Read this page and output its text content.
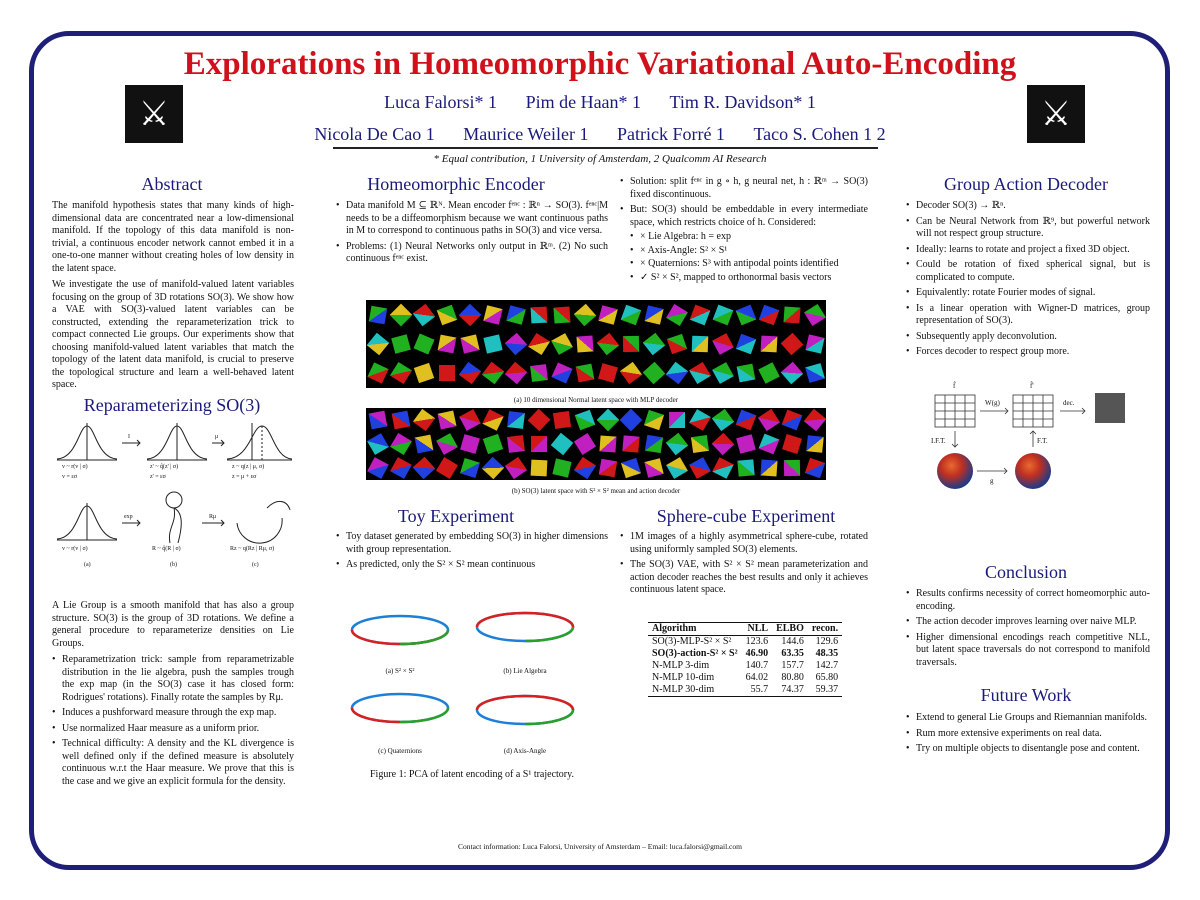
Explorations in Homeomorphic Variational Auto-Encoding
⚔	⚔
Luca Falorsi* 1 Pim de Haan* 1 Tim R. Davidson* 1
Nicola De Cao 1 Maurice Weiler 1 Patrick Forré 1 Taco S. Cohen 1 2
* Equal contribution, 1 University of Amsterdam, 2 Qualcomm AI Research
Abstract

The manifold hypothesis states that many kinds of high-dimensional data are concentrated near a low-dimensional manifold. If the topology of this data manifold is non-trivial, a continuous encoder network cannot embed it in a one-to-one manner without creating holes of low density in the latent space.

We investigate the use of manifold-valued latent variables focusing on the group of 3D rotations SO(3). We show how a VAE with SO(3)-valued latent variables can be constructed, extending the reparameterization trick to compact connected Lie groups. Our experiments show that choosing manifold-valued latent variables that match the topology of the latent data manifold, is crucial to preserve the topological structure and learn a well-behaved latent space.

Reparameterizing SO(3)
v ~ r(v | σ)
v = εσ
z' ~ q̂(z' | σ)
z' = εσ
z ~ q(z | μ, σ)
z = μ + εσ
I	μ
v ~ r(v | σ)	R ~ q̂(R | σ)	Rz ~ q(Rz | Rμ, σ)
exp	Rμ
(a)	(b)	(c)

A Lie Group is a smooth manifold that has also a group structure. SO(3) is the group of 3D rotations. We define a general procedure to reparameterize densities on Lie Groups.

• Reparametrization trick: sample from reparametrizable distribution in the lie algebra, push the samples trough the exp map (in the SO(3) case it has closed form: Rodrigues' rotations). Finally rotate the samples by Rμ.
• Induces a pushforward measure through the exp map.
• Use normalized Haar measure as a uniform prior.
• Technical difficulty: A density and the KL divergence is well defined only if the defined measure is absolutely continuous w.r.t the Haar measure. We prove that this is the case and we give an explicit formula for the density.
Homeomorphic Encoder
• Data manifold M ⊆ ℝᴺ. Mean encoder fᵉⁿᶜ : ℝⁿ → SO(3). fᵉⁿᶜ|M needs to be a diffeomorphism because we want continuous paths in M to correspond to continuous paths in SO(3) and vice versa.
• Problems: (1) Neural Networks only output in ℝᵐ. (2) No such continuous fᵉⁿᶜ exist.
• Solution: split fᵉⁿᶜ in g ∘ h, g neural net, h : ℝᵐ → SO(3) fixed discontinuous.
• But: SO(3) should be embeddable in every intermediate space, which restricts choice of h. Considered:
• × Lie Algebra: h = exp
• × Axis-Angle: S² × S¹
• × Quaternions: S³ with antipodal points identified
• ✓ S² × S², mapped to orthonormal basis vectors
(a) 10 dimensional Normal latent space with MLP decoder
(b) SO(3) latent space with S² × S² mean and action decoder
Toy Experiment
• Toy dataset generated by embedding SO(3) in higher dimensions with group representation.
• As predicted, only the S² × S² mean continuous
(a) S² × S²	(b) Lie Algebra
(c) Quaternions	(d) Axis-Angle
Figure 1: PCA of latent encoding of a S¹ trajectory.
Sphere-cube Experiment
• 1M images of a highly asymmetrical sphere-cube, rotated using uniformly sampled SO(3) elements.
• The SO(3) VAE, with S² × S² mean parameterization and action decoder reaches the best results and only it achieves continuous latent space.
Algorithm	NLL	ELBO	recon.
SO(3)-MLP-S² × S²	123.6	144.6	129.6
SO(3)-action-S² × S²	46.90	63.35	48.35
N-MLP 3-dim	140.7	157.7	142.7
N-MLP 10-dim	64.02	80.80	65.80
N-MLP 30-dim	55.7	74.37	59.37
Group Action Decoder
• Decoder SO(3) → ℝⁿ.
• Can be Neural Network from ℝ⁹, but powerful network will not respect group structure.
• Ideally: learns to rotate and project a fixed 3D object.
• Could be rotation of fixed spherical signal, but is complicated to compute.
• Equivalently: rotate Fourier modes of signal.
• Is a linear operation with Wigner-D matrices, group representation of SO(3).
• Subsequently apply deconvolution.
• Forces decoder to respect group more.
f̂	f̂'
W(g)	dec.
I.F.T.	F.T.
g
Conclusion
• Results confirms necessity of correct homeomorphic auto-encoding.
• The action decoder improves learning over naive MLP.
• Higher dimensional encodings reach competitive NLL, but latent space traversals do not correspond to manifold traversals.
Future Work
• Extend to general Lie Groups and Riemannian manifolds.
• Rum more extensive experiments on real data.
• Try on multiple objects to disentangle pose and content.
Contact information: Luca Falorsi, University of Amsterdam – Email: luca.falorsi@gmail.com
